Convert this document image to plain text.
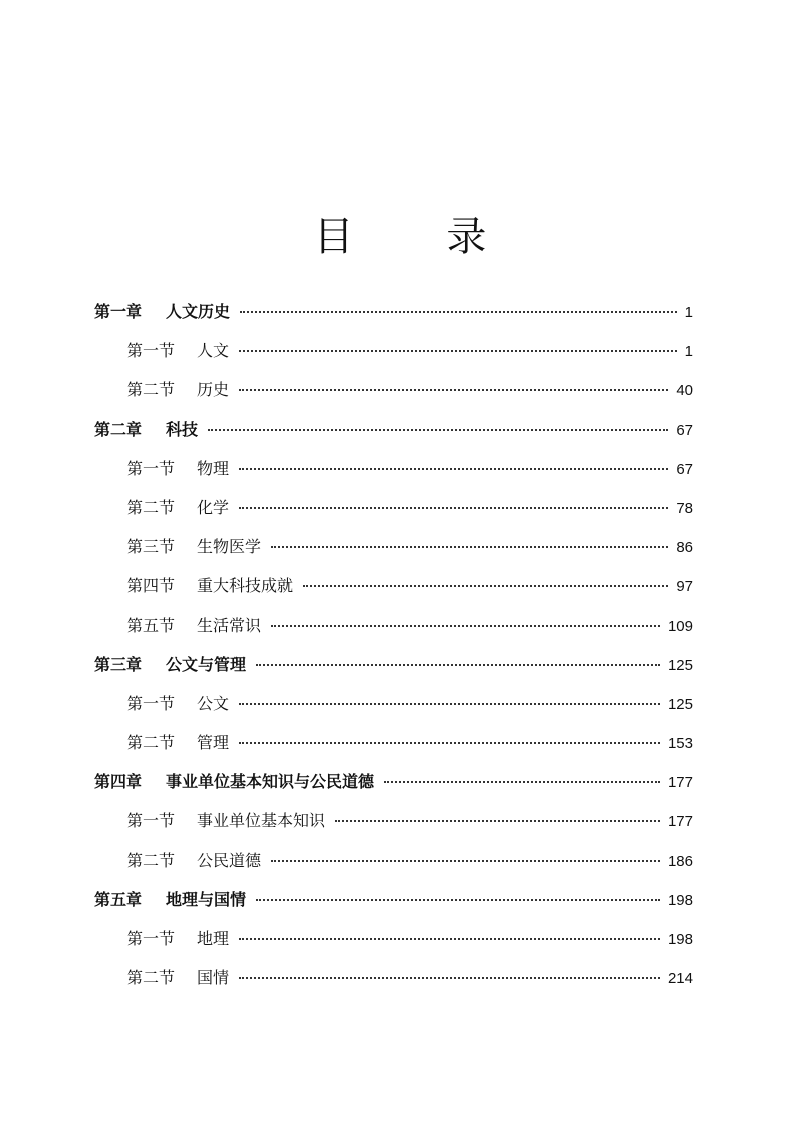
目 录
第一章 人文历史	1
第一节 人文	1
第二节 历史	40
第二章 科技	67
第一节 物理	67
第二节 化学	78
第三节 生物医学	86
第四节 重大科技成就	97
第五节 生活常识	109
第三章 公文与管理	125
第一节 公文	125
第二节 管理	153
第四章 事业单位基本知识与公民道德	177
第一节 事业单位基本知识	177
第二节 公民道德	186
第五章 地理与国情	198
第一节 地理	198
第二节 国情	214
